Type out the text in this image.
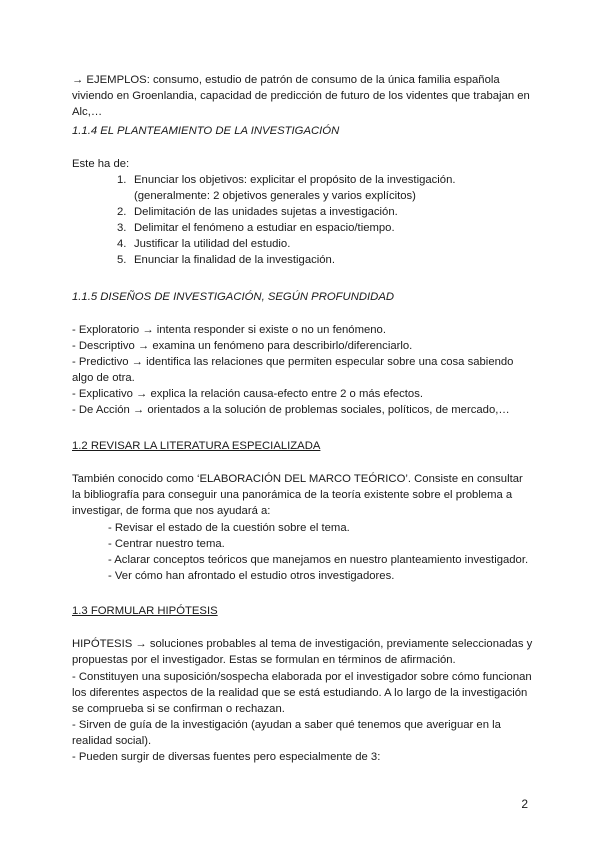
→ EJEMPLOS: consumo, estudio de patrón de consumo de la única familia española viviendo en Groenlandia, capacidad de predicción de futuro de los videntes que trabajan en Alc,…

1.1.4 EL PLANTEAMIENTO DE LA INVESTIGACIÓN

Este ha de:

1. Enunciar los objetivos: explicitar el propósito de la investigación. (generalmente: 2 objetivos generales y varios explícitos)
2. Delimitación de las unidades sujetas a investigación.
3. Delimitar el fenómeno a estudiar en espacio/tiempo.
4. Justificar la utilidad del estudio.
5. Enunciar la finalidad de la investigación.

1.1.5 DISEÑOS DE INVESTIGACIÓN, SEGÚN PROFUNDIDAD

- Exploratorio → intenta responder si existe o no un fenómeno.

- Descriptivo → examina un fenómeno para describirlo/diferenciarlo.

- Predictivo → identifica las relaciones que permiten especular sobre una cosa sabiendo algo de otra.

- Explicativo → explica la relación causa-efecto entre 2 o más efectos.

- De Acción → orientados a la solución de problemas sociales, políticos, de mercado,…

1.2 REVISAR LA LITERATURA ESPECIALIZADA

También conocido como ‘ELABORACIÓN DEL MARCO TEÓRICO’. Consiste en consultar la bibliografía para conseguir una panorámica de la teoría existente sobre el problema a investigar, de forma que nos ayudará a:

- Revisar el estado de la cuestión sobre el tema.
- Centrar nuestro tema.
- Aclarar conceptos teóricos que manejamos en nuestro planteamiento investigador.
- Ver cómo han afrontado el estudio otros investigadores.

1.3 FORMULAR HIPÓTESIS

HIPÓTESIS → soluciones probables al tema de investigación, previamente seleccionadas y propuestas por el investigador. Estas se formulan en términos de afirmación.

- Constituyen una suposición/sospecha elaborada por el investigador sobre cómo funcionan los diferentes aspectos de la realidad que se está estudiando. A lo largo de la investigación se comprueba si se confirman o rechazan.

- Sirven de guía de la investigación (ayudan a saber qué tenemos que averiguar en la realidad social).

- Pueden surgir de diversas fuentes pero especialmente de 3:

2
